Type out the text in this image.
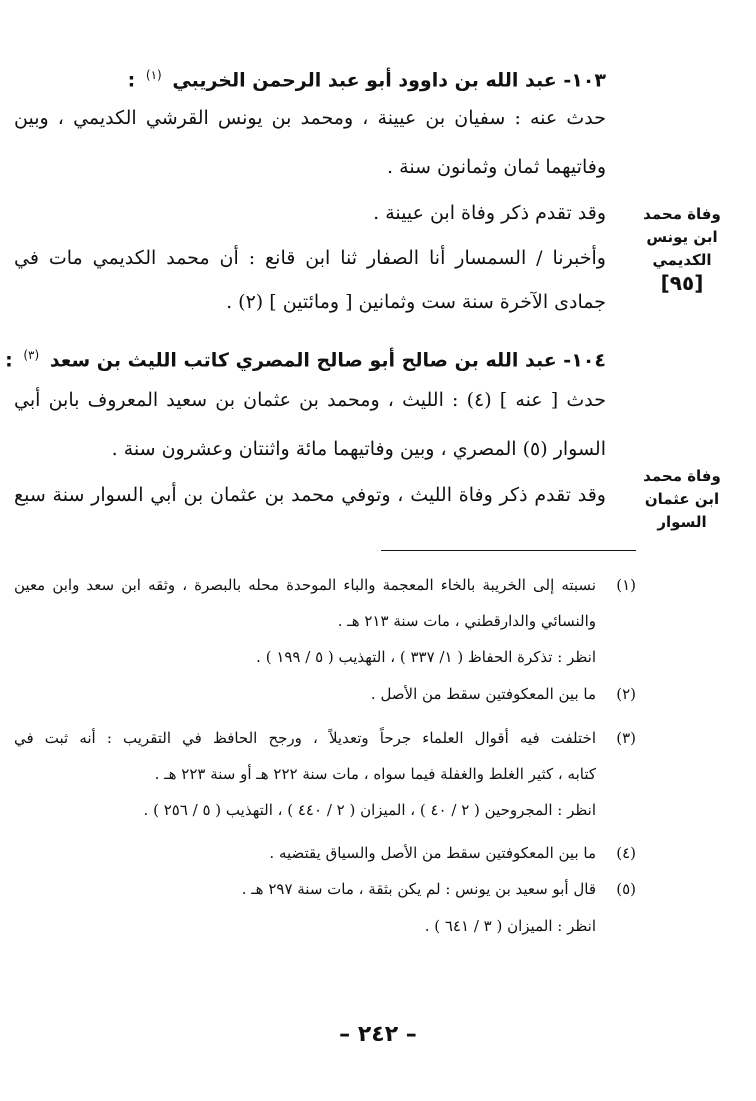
١٠٣- عبد الله بن داوود أبو عبد الرحمن الخريبي $^{(١)}$ :
حدث عنه : سفيان بن عيينة ، ومحمد بن يونس القرشي الكديمي ، وبين
وفاتيهما ثمان وثمانون سنة .
وقد تقدم ذكر وفاة ابن عيينة .
وأخبرنا / السمسار أنا الصفار ثنا ابن قانع : أن محمد الكديمي مات في
جمادى الآخرة سنة ست وثمانين [ ومائتين ] (٢) .
وفاة محمد
ابن يونس
الكديمي
[٩٥]
١٠٤- عبد الله بن صالح أبو صالح المصري كاتب الليث بن سعد $^{(٣)}$ :
حدث [ عنه ] (٤) : الليث ، ومحمد بن عثمان بن سعيد المعروف بابن أبي
السوار (٥) المصري ، وبين وفاتيهما مائة واثنتان وعشرون سنة .
وقد تقدم ذكر وفاة الليث ، وتوفي محمد بن عثمان بن أبي السوار سنة سبع
وفاة محمد
ابن عثمان
السوار
(١)
نسبته إلى الخريبة بالخاء المعجمة والباء الموحدة محله بالبصرة ، وثقه ابن سعد وابن معين
والنسائي والدارقطني ، مات سنة ٢١٣ هـ .
انظر : تذكرة الحفاظ ( ١/ ٣٣٧ ) ، التهذيب ( ٥ / ١٩٩ ) .
(٢)
ما بين المعكوفتين سقط من الأصل .
(٣)
اختلفت فيه أقوال العلماء جرحاً وتعديلاً ، ورجح الحافظ في التقريب : أنه ثبت في
كتابه ، كثير الغلط والغفلة فيما سواه ، مات سنة ٢٢٢ هـ أو سنة ٢٢٣ هـ .
انظر : المجروحين ( ٢ / ٤٠ ) ، الميزان ( ٢ / ٤٤٠ ) ، التهذيب ( ٥ / ٢٥٦ ) .
(٤)
ما بين المعكوفتين سقط من الأصل والسياق يقتضيه .
(٥)
قال أبو سعيد بن يونس : لم يكن بثقة ، مات سنة ٢٩٧ هـ .
انظر : الميزان ( ٣ / ٦٤١ ) .
– ٢٤٢ –
